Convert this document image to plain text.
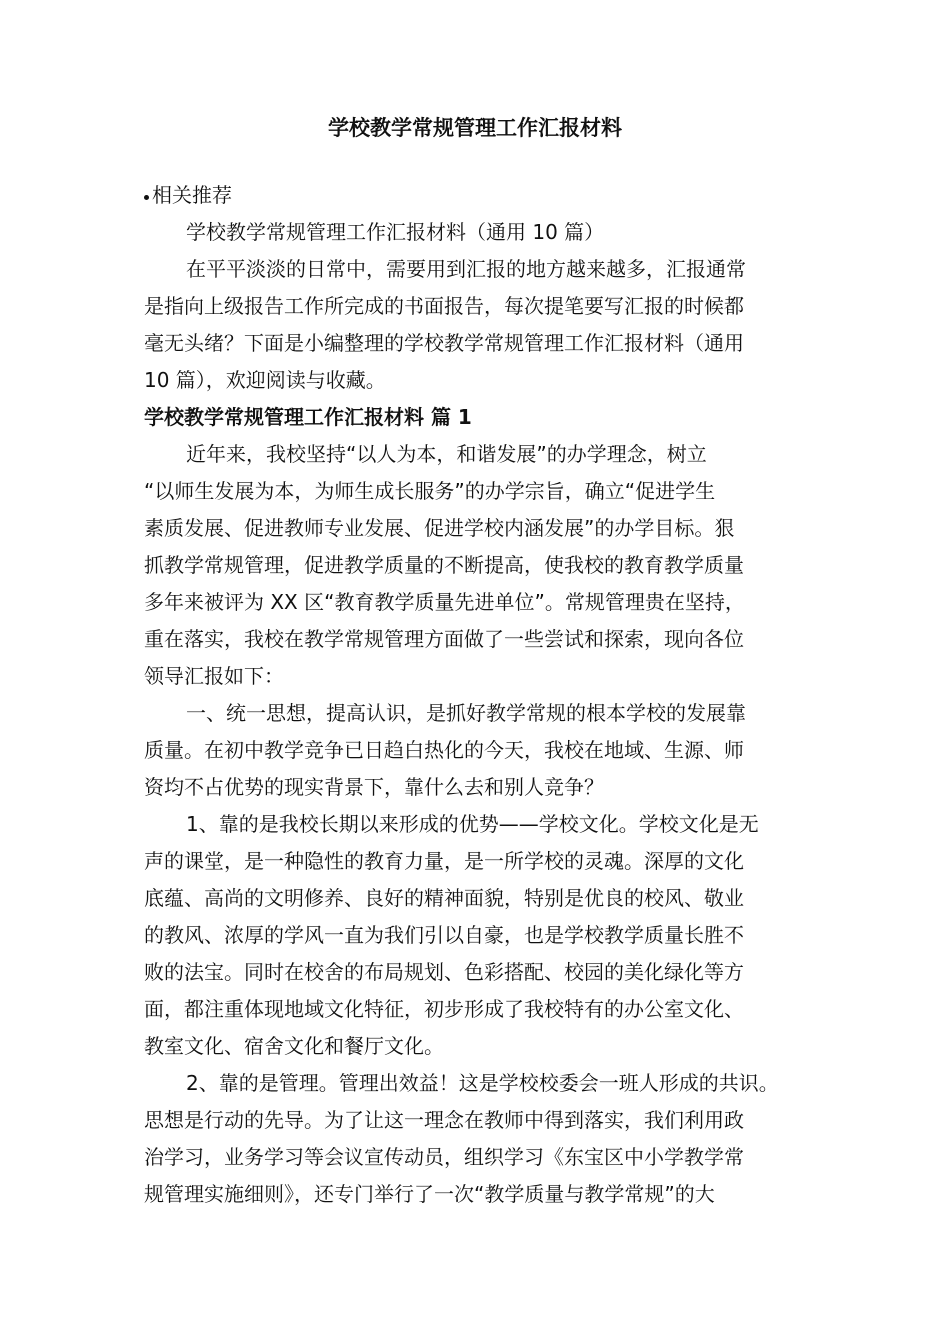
学校教学常规管理工作汇报材料
相关推荐
学校教学常规管理工作汇报材料（通用 10 篇）
在平平淡淡的日常中，需要用到汇报的地方越来越多，汇报通常
是指向上级报告工作所完成的书面报告，每次提笔要写汇报的时候都
毫无头绪？下面是小编整理的学校教学常规管理工作汇报材料（通用
10 篇），欢迎阅读与收藏。
学校教学常规管理工作汇报材料 篇 1
近年来，我校坚持“以人为本，和谐发展”的办学理念，树立
“以师生发展为本，为师生成长服务”的办学宗旨，确立“促进学生
素质发展、促进教师专业发展、促进学校内涵发展”的办学目标。狠
抓教学常规管理，促进教学质量的不断提高，使我校的教育教学质量
多年来被评为 XX 区“教育教学质量先进单位”。常规管理贵在坚持，
重在落实，我校在教学常规管理方面做了一些尝试和探索，现向各位
领导汇报如下：
一、统一思想，提高认识，是抓好教学常规的根本学校的发展靠
质量。在初中教学竞争已日趋白热化的今天，我校在地域、生源、师
资均不占优势的现实背景下，靠什么去和别人竞争？
1、靠的是我校长期以来形成的优势——学校文化。学校文化是无
声的课堂，是一种隐性的教育力量，是一所学校的灵魂。深厚的文化
底蕴、高尚的文明修养、良好的精神面貌，特别是优良的校风、敬业
的教风、浓厚的学风一直为我们引以自豪，也是学校教学质量长胜不
败的法宝。同时在校舍的布局规划、色彩搭配、校园的美化绿化等方
面，都注重体现地域文化特征，初步形成了我校特有的办公室文化、
教室文化、宿舍文化和餐厅文化。
2、靠的是管理。管理出效益！这是学校校委会一班人形成的共识。
思想是行动的先导。为了让这一理念在教师中得到落实，我们利用政
治学习，业务学习等会议宣传动员，组织学习《东宝区中小学教学常
规管理实施细则》，还专门举行了一次“教学质量与教学常规”的大
